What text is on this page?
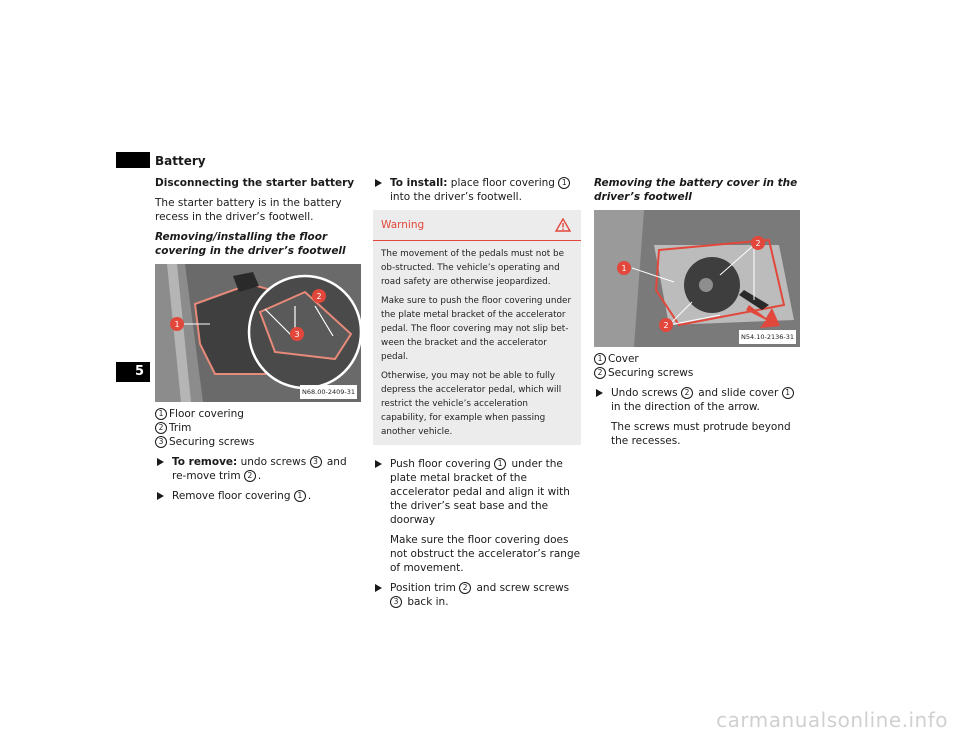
Battery
5

Disconnecting the starter battery

The starter battery is in the battery recess in the driver’s footwell.

Removing/installing the floor covering in the driver’s footwell

1
2
3
N68.00-2409-31
1 Floor covering
2 Trim
3 Securing screws

To remove: undo screws 3 and re-move trim 2 .

Remove floor covering 1 .

To install: place floor covering 1 into the driver’s footwell.

Warning

The movement of the pedals must not be ob-structed. The vehicle’s operating and road safety are otherwise jeopardized.

Make sure to push the floor covering under the plate metal bracket of the accelerator pedal. The floor covering may not slip bet-ween the bracket and the accelerator pedal.

Otherwise, you may not be able to fully depress the accelerator pedal, which will restrict the vehicle’s acceleration capability, for example when passing another vehicle.

Push floor covering 1 under the plate metal bracket of the accelerator pedal and align it with the driver’s seat base and the doorway

Make sure the floor covering does not obstruct the accelerator’s range of movement.

Position trim 2 and screw screws 3 back in.

Removing the battery cover in the driver’s footwell

1
2
2
N54.10-2136-31
1 Cover
2 Securing screws

Undo screws 2 and slide cover 1 in the direction of the arrow.

The screws must protrude beyond the recesses.

carmanualsonline.info
